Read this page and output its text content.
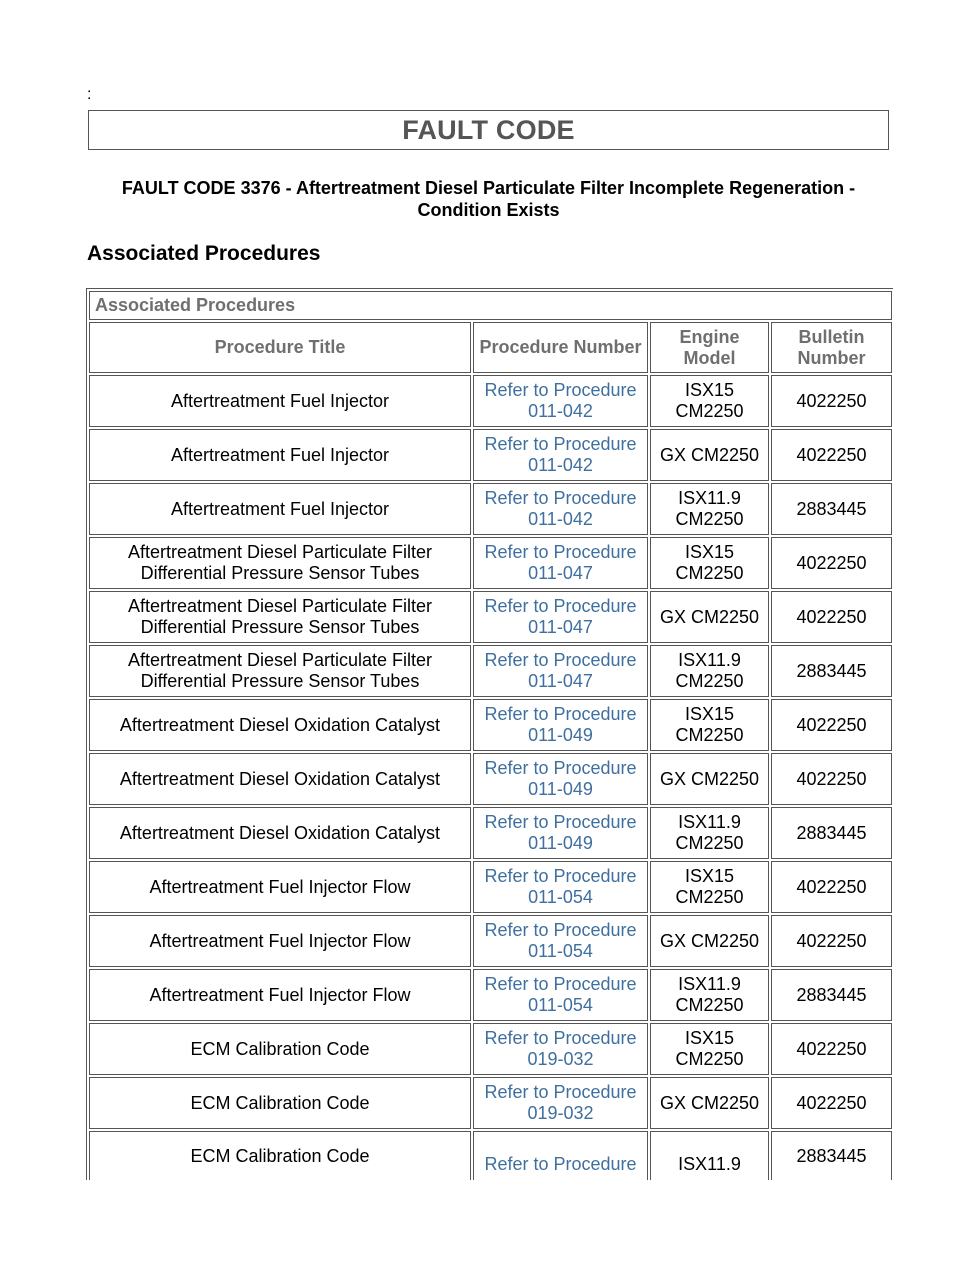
:
FAULT CODE
FAULT CODE 3376 - Aftertreatment Diesel Particulate Filter Incomplete Regeneration - Condition Exists
Associated Procedures
Associated Procedures			
Procedure Title	Procedure Number	Engine Model	Bulletin Number
Aftertreatment Fuel Injector	Refer to Procedure 011-042	ISX15 CM2250	4022250
Aftertreatment Fuel Injector	Refer to Procedure 011-042	GX CM2250	4022250
Aftertreatment Fuel Injector	Refer to Procedure 011-042	ISX11.9 CM2250	2883445
Aftertreatment Diesel Particulate Filter Differential Pressure Sensor Tubes	Refer to Procedure 011-047	ISX15 CM2250	4022250
Aftertreatment Diesel Particulate Filter Differential Pressure Sensor Tubes	Refer to Procedure 011-047	GX CM2250	4022250
Aftertreatment Diesel Particulate Filter Differential Pressure Sensor Tubes	Refer to Procedure 011-047	ISX11.9 CM2250	2883445
Aftertreatment Diesel Oxidation Catalyst	Refer to Procedure 011-049	ISX15 CM2250	4022250
Aftertreatment Diesel Oxidation Catalyst	Refer to Procedure 011-049	GX CM2250	4022250
Aftertreatment Diesel Oxidation Catalyst	Refer to Procedure 011-049	ISX11.9 CM2250	2883445
Aftertreatment Fuel Injector Flow	Refer to Procedure 011-054	ISX15 CM2250	4022250
Aftertreatment Fuel Injector Flow	Refer to Procedure 011-054	GX CM2250	4022250
Aftertreatment Fuel Injector Flow	Refer to Procedure 011-054	ISX11.9 CM2250	2883445
ECM Calibration Code	Refer to Procedure 019-032	ISX15 CM2250	4022250
ECM Calibration Code	Refer to Procedure 019-032	GX CM2250	4022250
ECM Calibration Code	Refer to Procedure	ISX11.9	2883445
